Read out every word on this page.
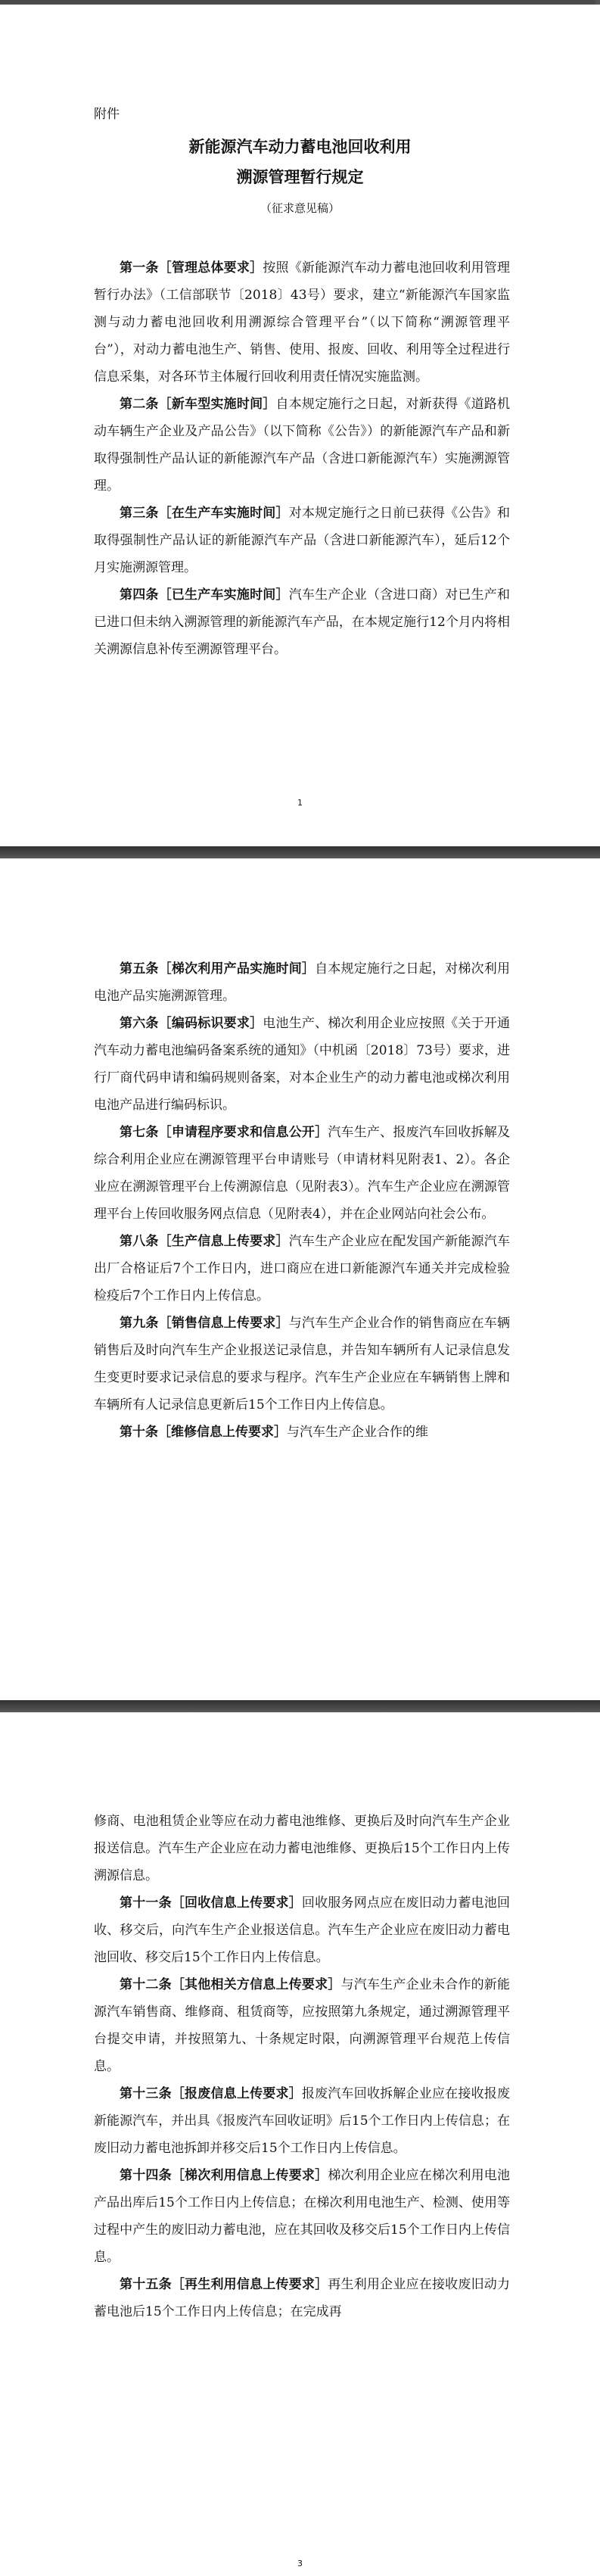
附件
新能源汽车动力蓄电池回收利用
溯源管理暂行规定
（征求意见稿）

第一条［管理总体要求］按照《新能源汽车动力蓄电池回收利用管理暂行办法》（工信部联节〔2018〕43号）要求，建立“新能源汽车国家监测与动力蓄电池回收利用溯源综合管理平台”（以下简称“溯源管理平台”），对动力蓄电池生产、销售、使用、报废、回收、利用等全过程进行信息采集，对各环节主体履行回收利用责任情况实施监测。

第二条［新车型实施时间］自本规定施行之日起，对新获得《道路机动车辆生产企业及产品公告》（以下简称《公告》）的新能源汽车产品和新取得强制性产品认证的新能源汽车产品（含进口新能源汽车）实施溯源管理。

第三条［在生产车实施时间］对本规定施行之日前已获得《公告》和取得强制性产品认证的新能源汽车产品（含进口新能源汽车），延后12个月实施溯源管理。

第四条［已生产车实施时间］汽车生产企业（含进口商）对已生产和已进口但未纳入溯源管理的新能源汽车产品，在本规定施行12个月内将相关溯源信息补传至溯源管理平台。

1

第五条［梯次利用产品实施时间］自本规定施行之日起，对梯次利用电池产品实施溯源管理。

第六条［编码标识要求］电池生产、梯次利用企业应按照《关于开通汽车动力蓄电池编码备案系统的通知》（中机函〔2018〕73号）要求，进行厂商代码申请和编码规则备案，对本企业生产的动力蓄电池或梯次利用电池产品进行编码标识。

第七条［申请程序要求和信息公开］汽车生产、报废汽车回收拆解及综合利用企业应在溯源管理平台申请账号（申请材料见附表1、2）。各企业应在溯源管理平台上传溯源信息（见附表3）。汽车生产企业应在溯源管理平台上传回收服务网点信息（见附表4），并在企业网站向社会公布。

第八条［生产信息上传要求］汽车生产企业应在配发国产新能源汽车出厂合格证后7个工作日内，进口商应在进口新能源汽车通关并完成检验检疫后7个工作日内上传信息。

第九条［销售信息上传要求］与汽车生产企业合作的销售商应在车辆销售后及时向汽车生产企业报送记录信息，并告知车辆所有人记录信息发生变更时要求记录信息的要求与程序。汽车生产企业应在车辆销售上牌和车辆所有人记录信息更新后15个工作日内上传信息。

第十条［维修信息上传要求］与汽车生产企业合作的维

修商、电池租赁企业等应在动力蓄电池维修、更换后及时向汽车生产企业报送信息。汽车生产企业应在动力蓄电池维修、更换后15个工作日内上传溯源信息。

第十一条［回收信息上传要求］回收服务网点应在废旧动力蓄电池回收、移交后，向汽车生产企业报送信息。汽车生产企业应在废旧动力蓄电池回收、移交后15个工作日内上传信息。

第十二条［其他相关方信息上传要求］与汽车生产企业未合作的新能源汽车销售商、维修商、租赁商等，应按照第九条规定，通过溯源管理平台提交申请，并按照第九、十条规定时限，向溯源管理平台规范上传信息。

第十三条［报废信息上传要求］报废汽车回收拆解企业应在接收报废新能源汽车，并出具《报废汽车回收证明》后15个工作日内上传信息；在废旧动力蓄电池拆卸并移交后15个工作日内上传信息。

第十四条［梯次利用信息上传要求］梯次利用企业应在梯次利用电池产品出库后15个工作日内上传信息；在梯次利用电池生产、检测、使用等过程中产生的废旧动力蓄电池，应在其回收及移交后15个工作日内上传信息。

第十五条［再生利用信息上传要求］再生利用企业应在接收废旧动力蓄电池后15个工作日内上传信息；在完成再

3
